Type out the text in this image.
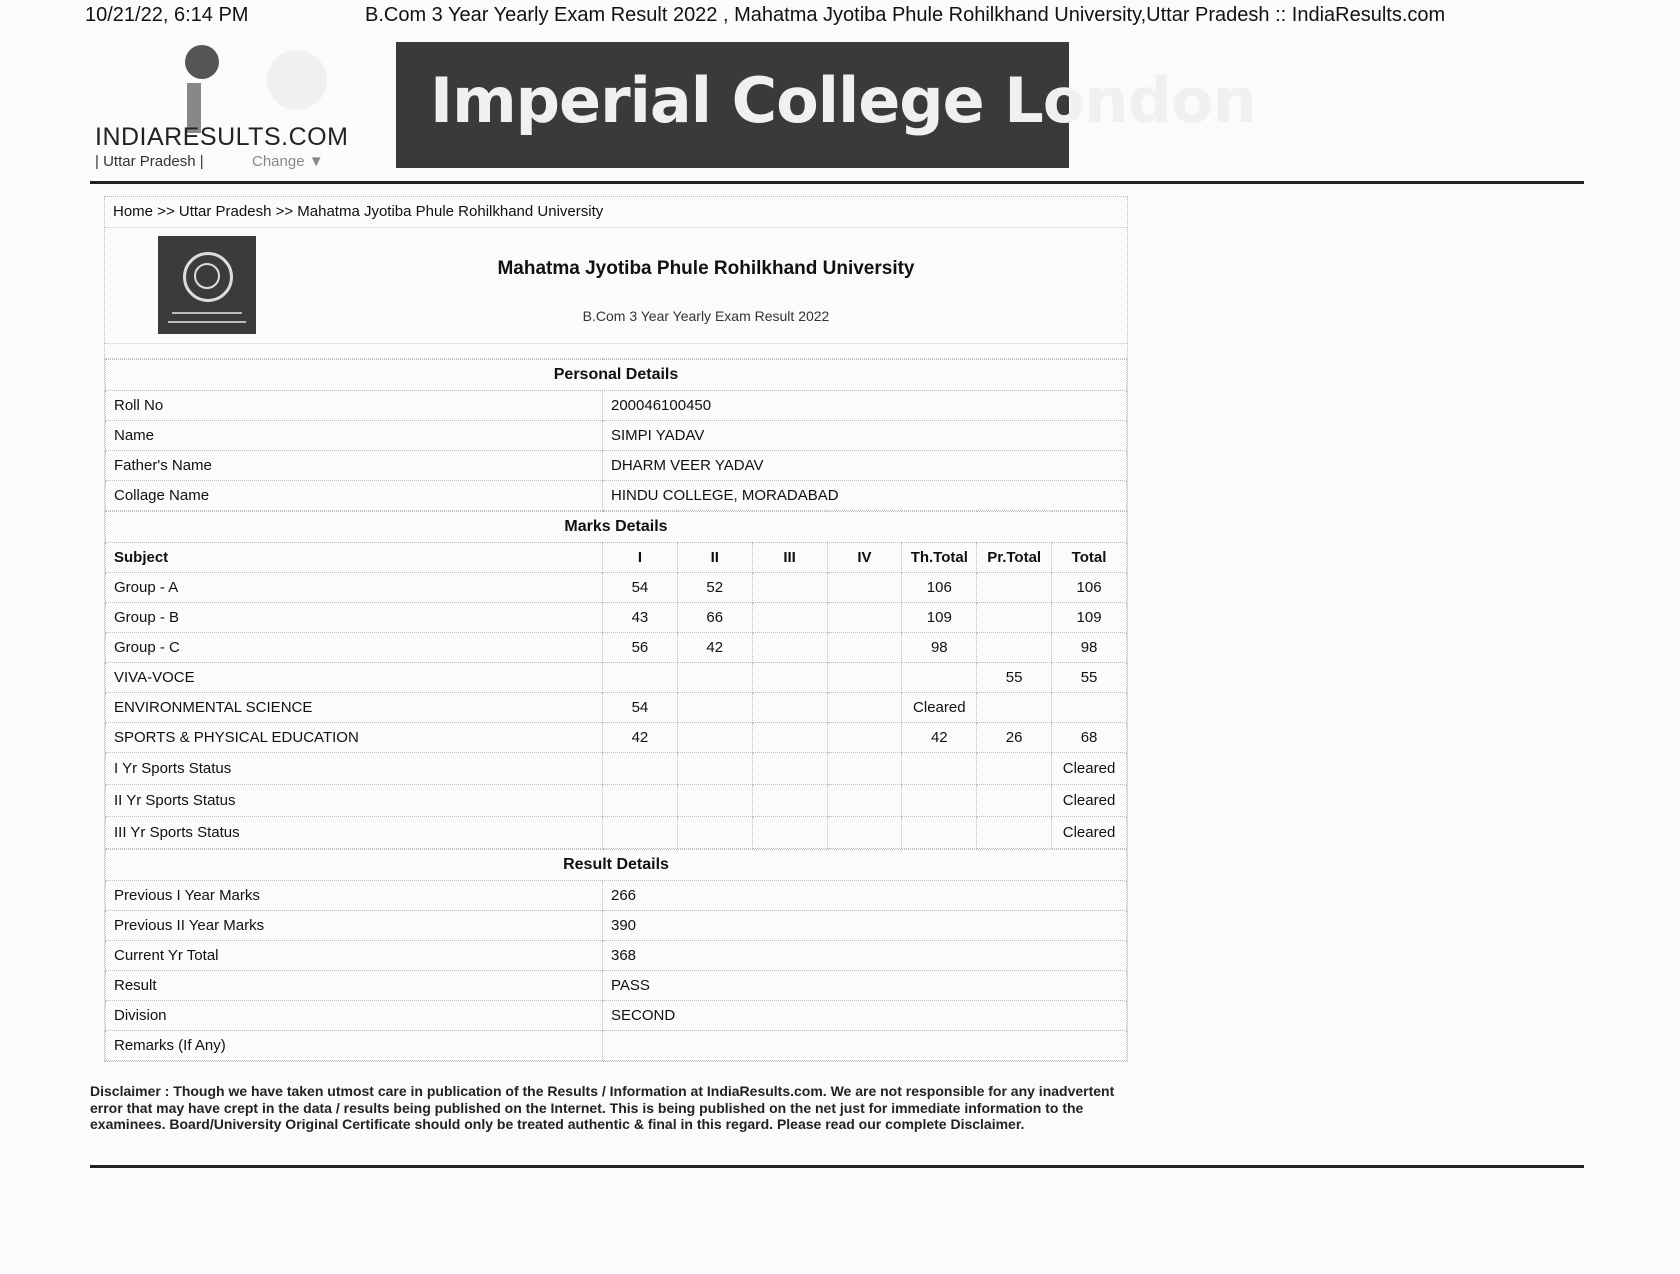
10/21/22, 6:14 PM	B.Com 3 Year Yearly Exam Result 2022 , Mahatma Jyotiba Phule Rohilkhand University,Uttar Pradesh :: IndiaResults.com
INDIARESULTS.COM
| Uttar Pradesh |	Change ▼
Imperial College London
Home >> Uttar Pradesh >> Mahatma Jyotiba Phule Rohilkhand University
Mahatma Jyotiba Phule Rohilkhand University
B.Com 3 Year Yearly Exam Result 2022
Personal Details	
Roll No	200046100450
Name	SIMPI YADAV
Father's Name	DHARM VEER YADAV
Collage Name	HINDU COLLEGE, MORADABAD
Marks Details							
Subject	I	II	III	IV	Th.Total	Pr.Total	Total
Group - A	54	52			106		106
Group - B	43	66			109		109
Group - C	56	42			98		98
VIVA-VOCE						55	55
ENVIRONMENTAL SCIENCE	54				Cleared		
SPORTS & PHYSICAL EDUCATION	42				42	26	68
I Yr Sports Status							Cleared
II Yr Sports Status							Cleared
III Yr Sports Status							Cleared
Result Details	
Previous I Year Marks	266
Previous II Year Marks	390
Current Yr Total	368
Result	PASS
Division	SECOND
Remarks (If Any)	
Disclaimer : Though we have taken utmost care in publication of the Results / Information at IndiaResults.com. We are not responsible for any inadvertent error that may have crept in the data / results being published on the Internet. This is being published on the net just for immediate information to the examinees. Board/University Original Certificate should only be treated authentic & final in this regard. Please read our complete Disclaimer.
